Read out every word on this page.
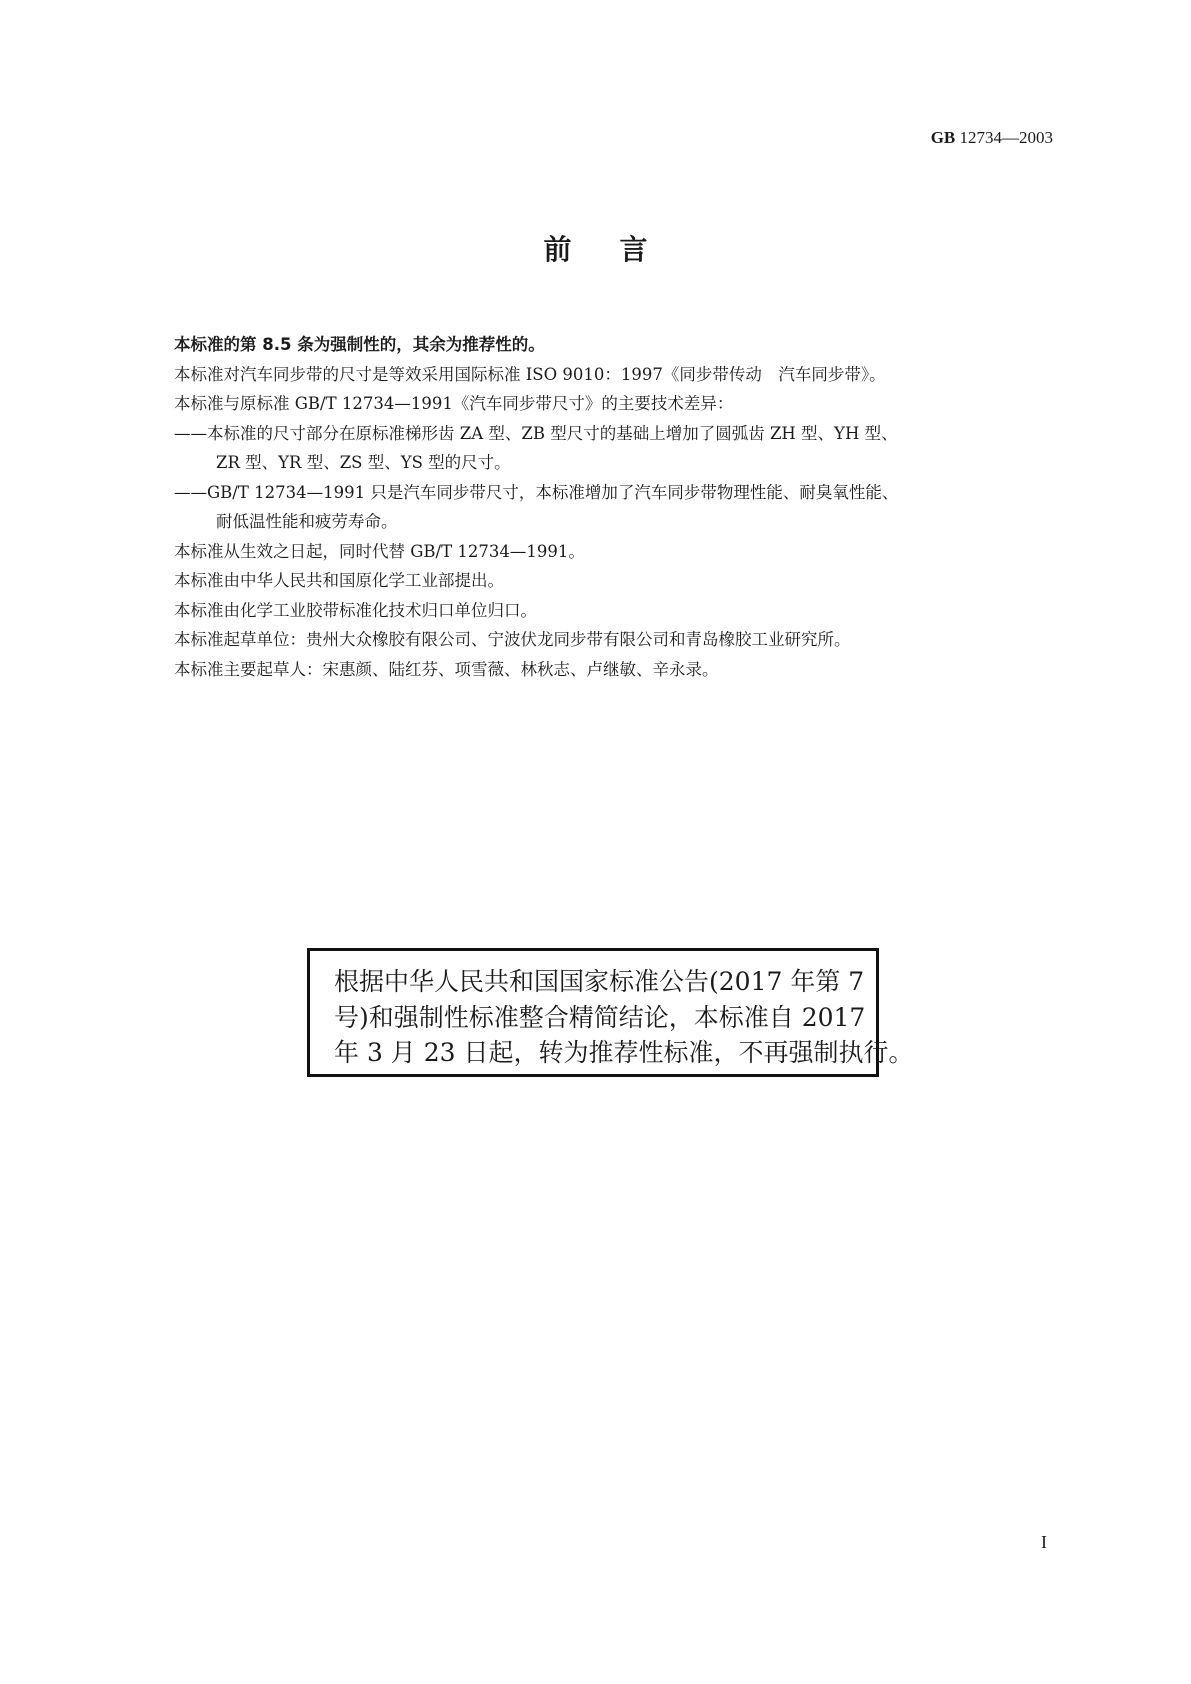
GB 12734—2003
前言

本标准的第 8.5 条为强制性的，其余为推荐性的。

本标准对汽车同步带的尺寸是等效采用国际标准 ISO 9010：1997《同步带传动　汽车同步带》。

本标准与原标准 GB/T 12734—1991《汽车同步带尺寸》的主要技术差异：

——本标准的尺寸部分在原标准梯形齿 ZA 型、ZB 型尺寸的基础上增加了圆弧齿 ZH 型、YH 型、
ZR 型、YR 型、ZS 型、YS 型的尺寸。

——GB/T 12734—1991 只是汽车同步带尺寸，本标准增加了汽车同步带物理性能、耐臭氧性能、
耐低温性能和疲劳寿命。

本标准从生效之日起，同时代替 GB/T 12734—1991。

本标准由中华人民共和国原化学工业部提出。

本标准由化学工业胶带标准化技术归口单位归口。

本标准起草单位：贵州大众橡胶有限公司、宁波伏龙同步带有限公司和青岛橡胶工业研究所。

本标准主要起草人：宋惠颜、陆红芬、项雪薇、林秋志、卢继敏、辛永录。

根据中华人民共和国国家标准公告(2017 年第 7
号)和强制性标准整合精简结论，本标准自 2017
年 3 月 23 日起，转为推荐性标准，不再强制执行。
I
